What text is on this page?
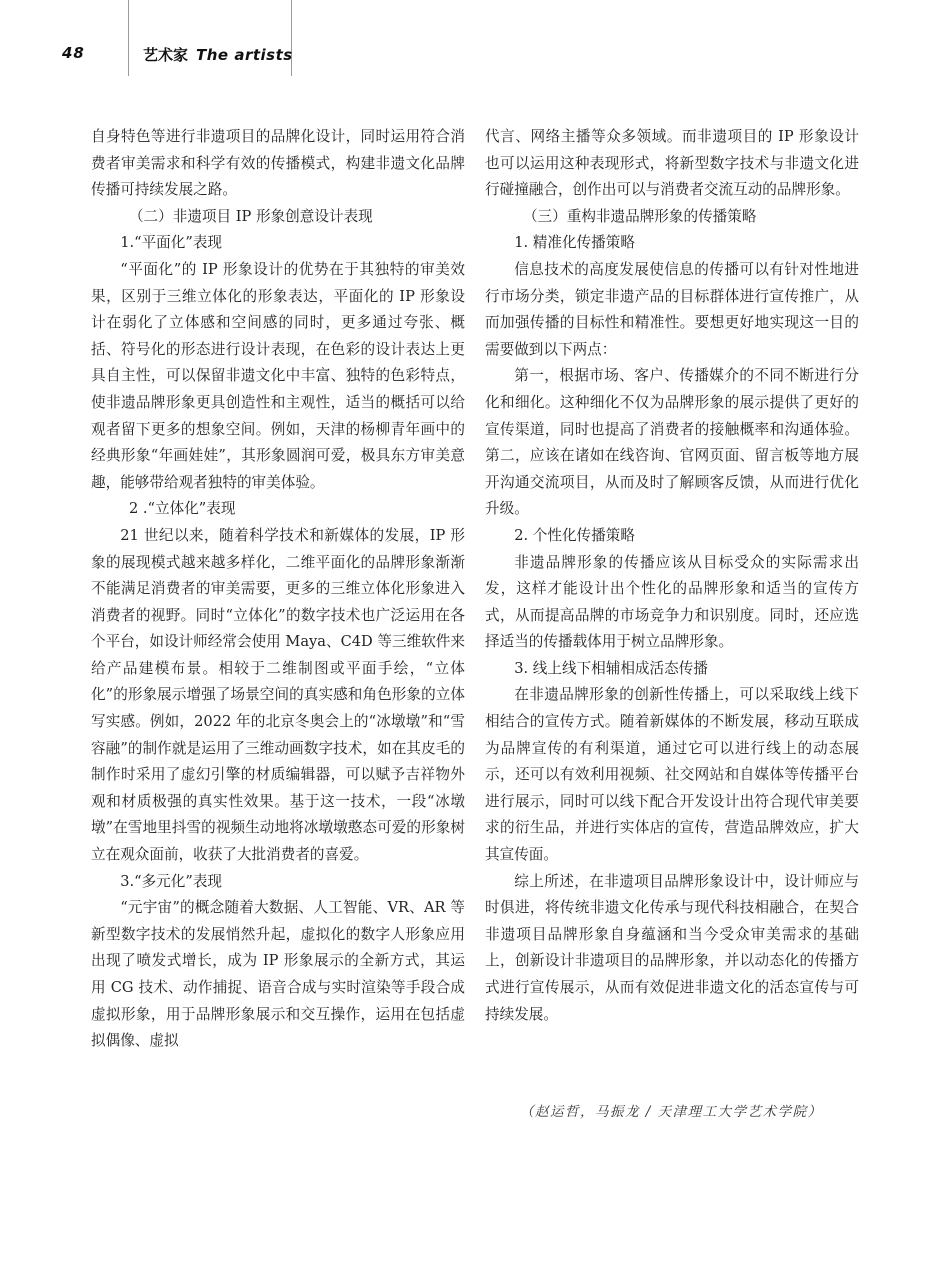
48	艺术家 The artists

自身特色等进行非遗项目的品牌化设计，同时运用符合消费者审美需求和科学有效的传播模式，构建非遗文化品牌传播可持续发展之路。

（二）非遗项目 IP 形象创意设计表现

1.“平面化”表现

“平面化”的 IP 形象设计的优势在于其独特的审美效果，区别于三维立体化的形象表达，平面化的 IP 形象设计在弱化了立体感和空间感的同时，更多通过夸张、概括、符号化的形态进行设计表现，在色彩的设计表达上更具自主性，可以保留非遗文化中丰富、独特的色彩特点，使非遗品牌形象更具创造性和主观性，适当的概括可以给观者留下更多的想象空间。例如，天津的杨柳青年画中的经典形象“年画娃娃”，其形象圆润可爱，极具东方审美意趣，能够带给观者独特的审美体验。

2 .“立体化”表现

21 世纪以来，随着科学技术和新媒体的发展，IP 形象的展现模式越来越多样化，二维平面化的品牌形象渐渐不能满足消费者的审美需要，更多的三维立体化形象进入消费者的视野。同时“立体化”的数字技术也广泛运用在各个平台，如设计师经常会使用 Maya、C4D 等三维软件来给产品建模布景。相较于二维制图或平面手绘，“立体化”的形象展示增强了场景空间的真实感和角色形象的立体写实感。例如，2022 年的北京冬奥会上的“冰墩墩”和“雪容融”的制作就是运用了三维动画数字技术，如在其皮毛的制作时采用了虚幻引擎的材质编辑器，可以赋予吉祥物外观和材质极强的真实性效果。基于这一技术，一段“冰墩墩”在雪地里抖雪的视频生动地将冰墩墩憨态可爱的形象树立在观众面前，收获了大批消费者的喜爱。

3.“多元化”表现

“元宇宙”的概念随着大数据、人工智能、VR、AR 等新型数字技术的发展悄然升起，虚拟化的数字人形象应用出现了喷发式增长，成为 IP 形象展示的全新方式，其运用 CG 技术、动作捕捉、语音合成与实时渲染等手段合成虚拟形象，用于品牌形象展示和交互操作，运用在包括虚拟偶像、虚拟

代言、网络主播等众多领域。而非遗项目的 IP 形象设计也可以运用这种表现形式，将新型数字技术与非遗文化进行碰撞融合，创作出可以与消费者交流互动的品牌形象。

（三）重构非遗品牌形象的传播策略

1. 精准化传播策略

信息技术的高度发展使信息的传播可以有针对性地进行市场分类，锁定非遗产品的目标群体进行宣传推广，从而加强传播的目标性和精准性。要想更好地实现这一目的需要做到以下两点：

第一，根据市场、客户、传播媒介的不同不断进行分化和细化。这种细化不仅为品牌形象的展示提供了更好的宣传渠道，同时也提高了消费者的接触概率和沟通体验。第二，应该在诸如在线咨询、官网页面、留言板等地方展开沟通交流项目，从而及时了解顾客反馈，从而进行优化升级。

2. 个性化传播策略

非遗品牌形象的传播应该从目标受众的实际需求出发，这样才能设计出个性化的品牌形象和适当的宣传方式，从而提高品牌的市场竞争力和识别度。同时，还应选择适当的传播载体用于树立品牌形象。

3. 线上线下相辅相成活态传播

在非遗品牌形象的创新性传播上，可以采取线上线下相结合的宣传方式。随着新媒体的不断发展，移动互联成为品牌宣传的有利渠道，通过它可以进行线上的动态展示，还可以有效利用视频、社交网站和自媒体等传播平台进行展示，同时可以线下配合开发设计出符合现代审美要求的衍生品，并进行实体店的宣传，营造品牌效应，扩大其宣传面。

综上所述，在非遗项目品牌形象设计中，设计师应与时俱进，将传统非遗文化传承与现代科技相融合，在契合非遗项目品牌形象自身蕴涵和当今受众审美需求的基础上，创新设计非遗项目的品牌形象，并以动态化的传播方式进行宣传展示，从而有效促进非遗文化的活态宣传与可持续发展。

（赵运哲，马振龙 / 天津理工大学艺术学院）
